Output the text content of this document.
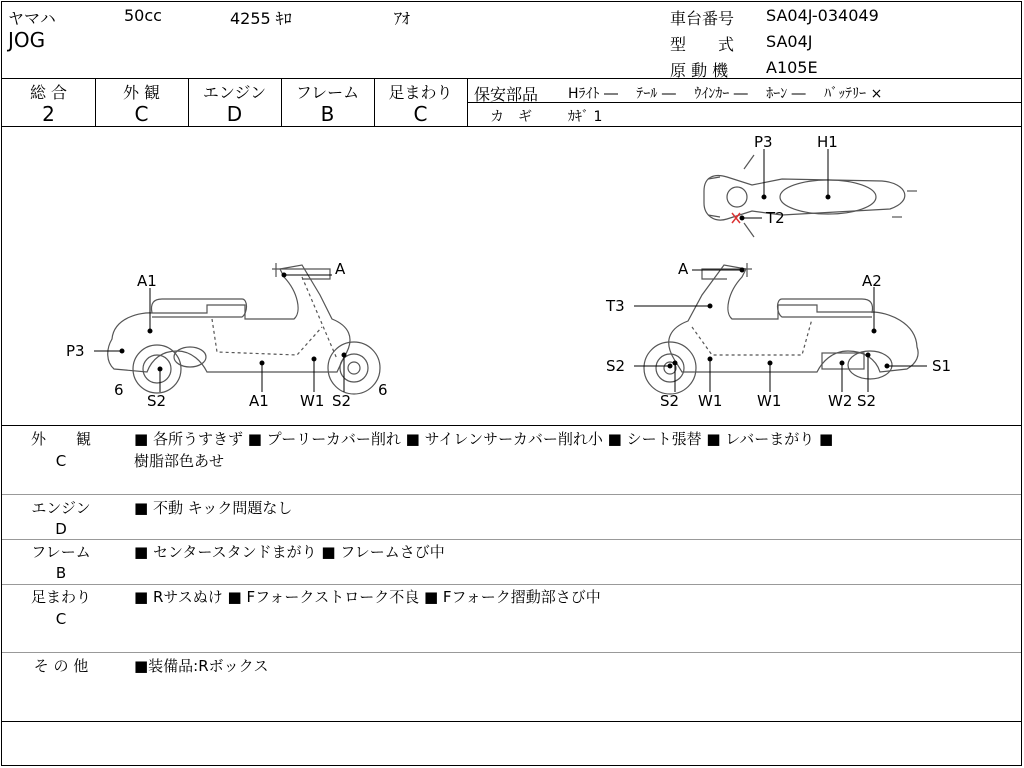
ヤマハ	50cc	4255 ｷﾛ	ｱｵ
JOG
車台番号 SA04J-034049
型　　式 SA04J
原 動 機 A105E
総 合
2
外 観
C
エンジン
D
フレーム
B
足まわり
C
保安部品 Hﾗｲﾄ ―　 ﾃｰﾙ ―　 ｳｲﾝｶｰ ―　 ﾎｰﾝ ―　 ﾊﾞｯﾃﾘｰ ×
カ　ギ	ｶｷﾞ 1
A1
P3
6
S2	A1 W1 S2
6
A	A
T3
S2
S2 W1 W1	W2 S2
A2
S1
P3	H1
T2
外　　観
C
■ 各所うすきず ■ プーリーカバー削れ ■ サイレンサーカバー削れ小 ■ シート張替 ■ レバーまがり ■
樹脂部色あせ
エンジン
D
■ 不動 キック問題なし
フレーム
B
■ センタースタンドまがり ■ フレームさび中
足まわり
C
■ Rサスぬけ ■ Fフォークストローク不良 ■ Fフォーク摺動部さび中
そ の 他	■装備品:Rボックス
